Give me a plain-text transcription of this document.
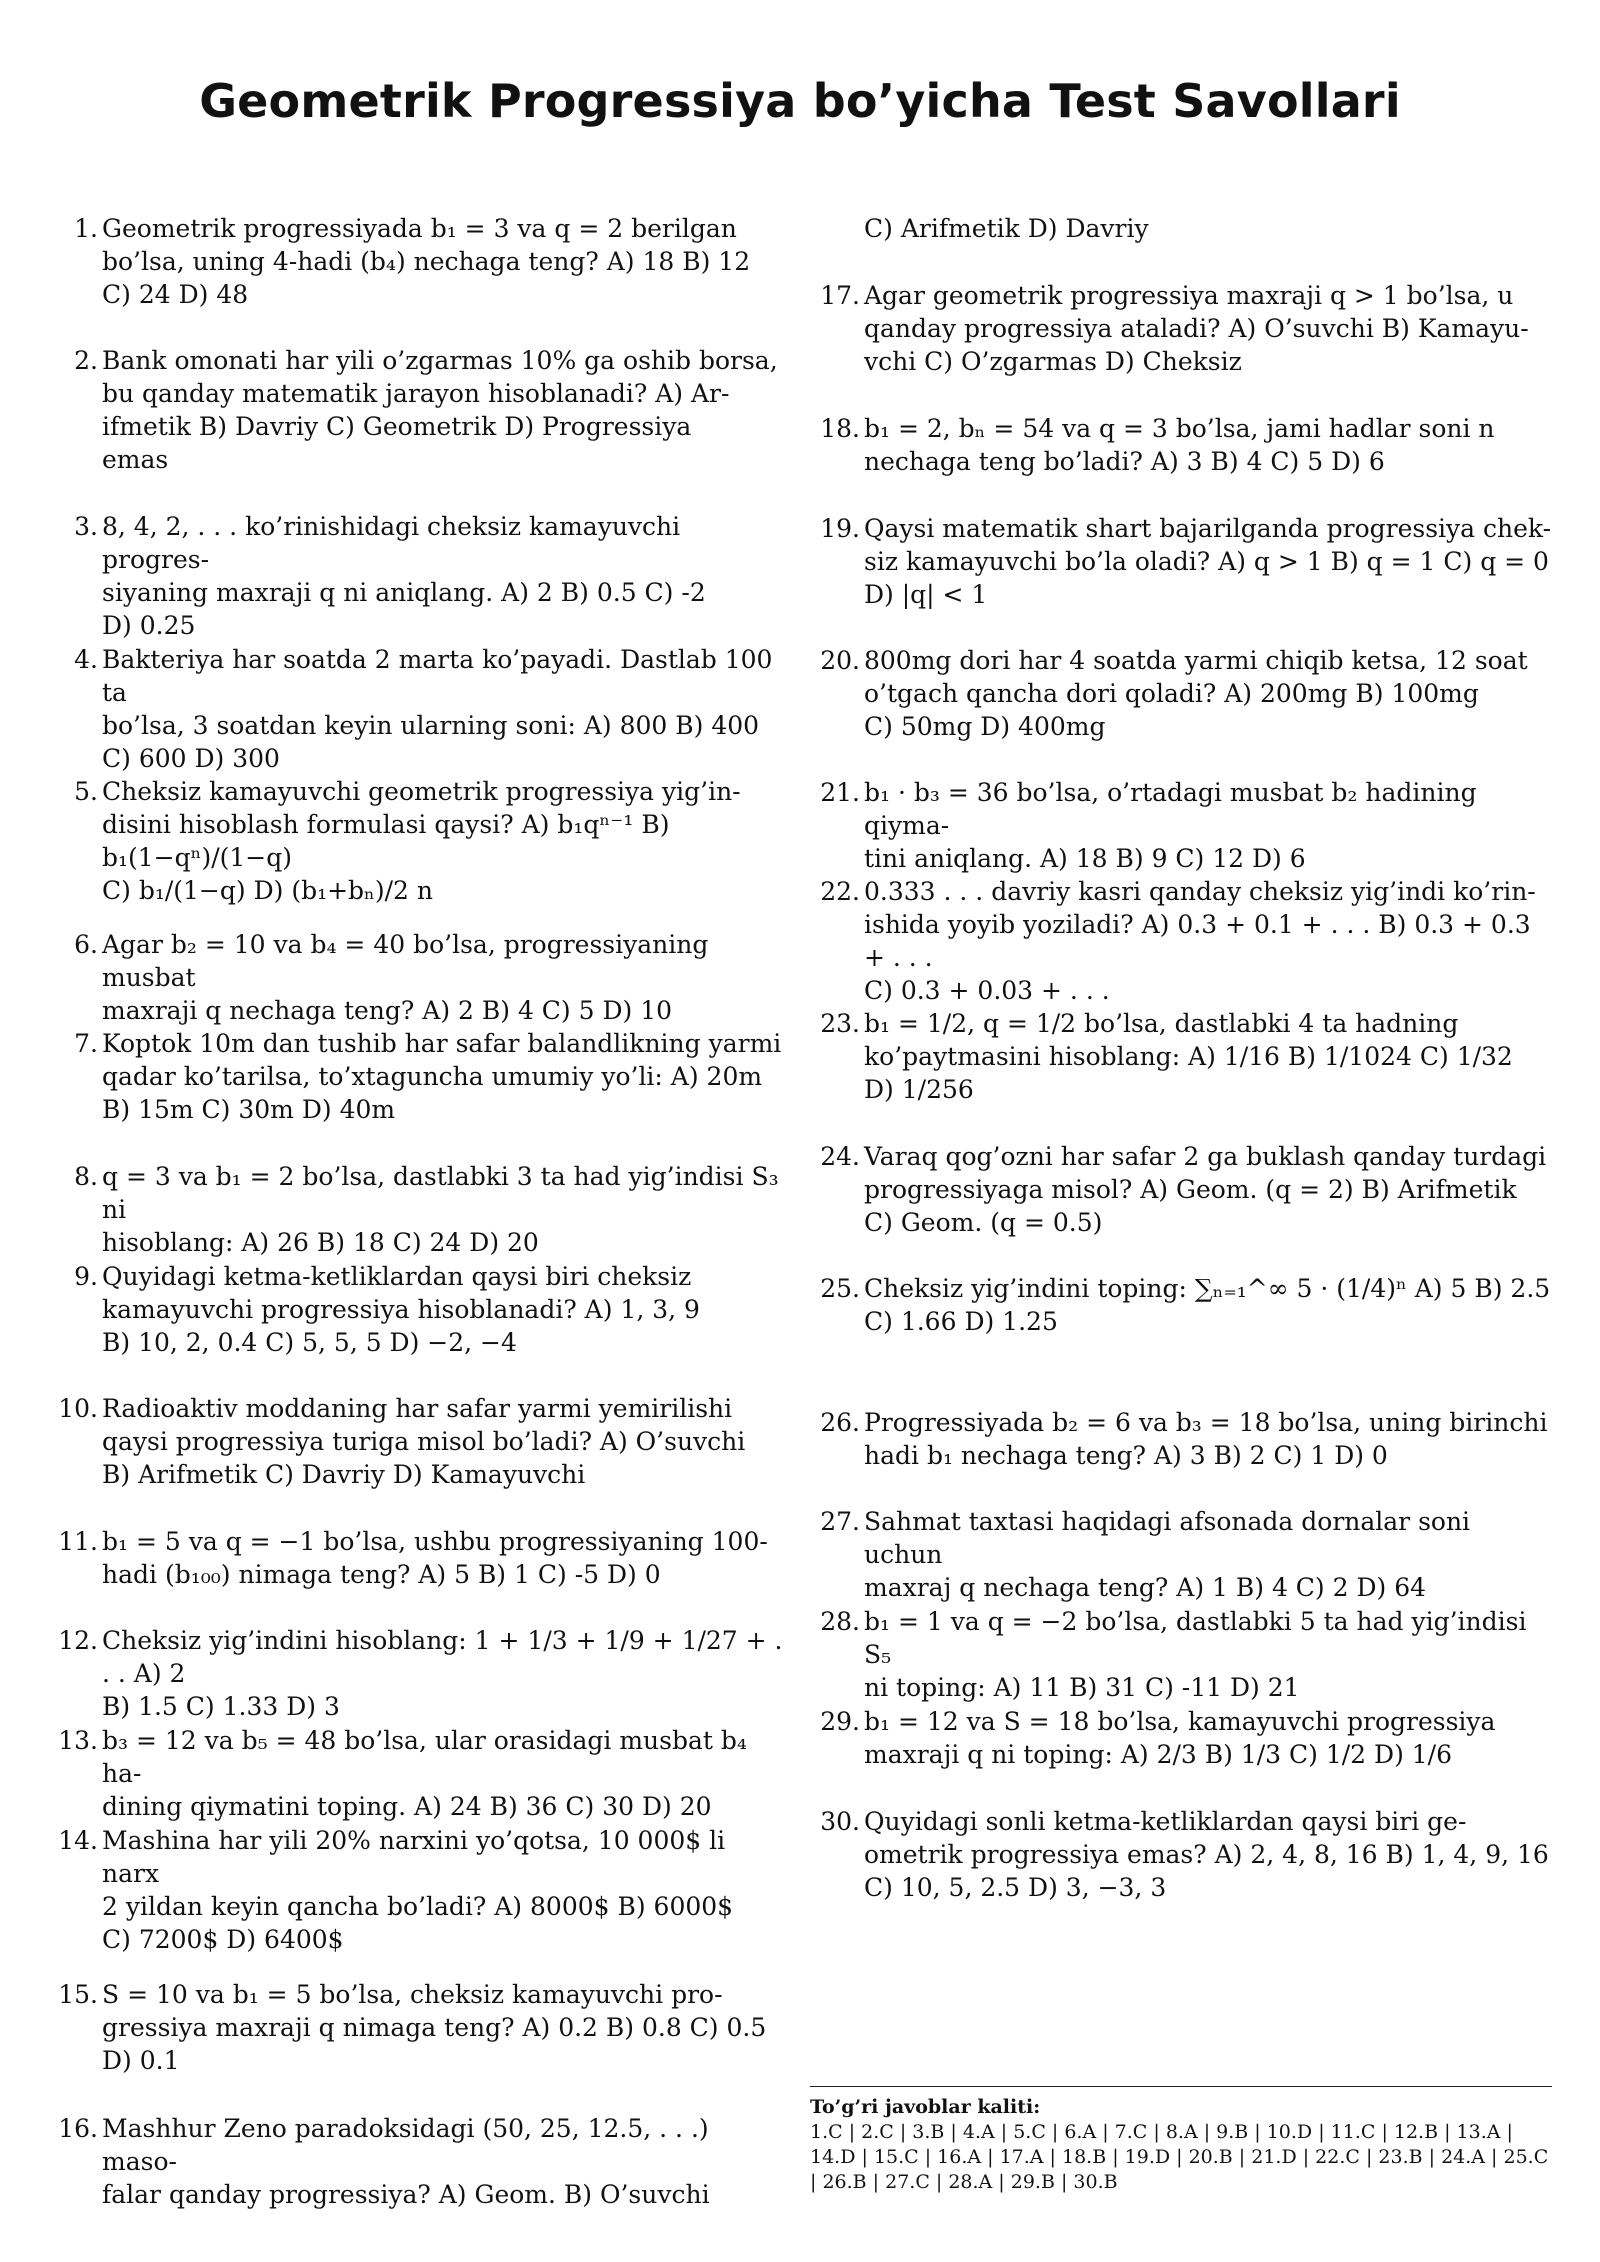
Geometrik Progressiya bo’yicha Test Savollari
1. Geometrik progressiyada b₁ = 3 va q = 2 berilgan

bo’lsa, uning 4-hadi (b₄) nechaga teng? A) 18 B) 12

C) 24 D) 48

2. Bank omonati har yili o’zgarmas 10% ga oshib borsa,

bu qanday matematik jarayon hisoblanadi? A) Ar-

ifmetik B) Davriy C) Geometrik D) Progressiya

emas

3. 8, 4, 2, . . . ko’rinishidagi cheksiz kamayuvchi progres-

siyaning maxraji q ni aniqlang. A) 2 B) 0.5 C) -2

D) 0.25

4. Bakteriya har soatda 2 marta ko’payadi. Dastlab 100 ta

bo’lsa, 3 soatdan keyin ularning soni: A) 800 B) 400

C) 600 D) 300

5. Cheksiz kamayuvchi geometrik progressiya yig’in-

disini hisoblash formulasi qaysi? A) b₁qⁿ⁻¹ B) b₁(1−qⁿ)/(1−q)

C) b₁/(1−q) D) (b₁+bₙ)/2 n

6. Agar b₂ = 10 va b₄ = 40 bo’lsa, progressiyaning musbat

maxraji q nechaga teng? A) 2 B) 4 C) 5 D) 10

7. Koptok 10m dan tushib har safar balandlikning yarmi

qadar ko’tarilsa, to’xtaguncha umumiy yo’li: A) 20m

B) 15m C) 30m D) 40m

8. q = 3 va b₁ = 2 bo’lsa, dastlabki 3 ta had yig’indisi S₃ ni

hisoblang: A) 26 B) 18 C) 24 D) 20

9. Quyidagi ketma-ketliklardan qaysi biri cheksiz

kamayuvchi progressiya hisoblanadi? A) 1, 3, 9

B) 10, 2, 0.4 C) 5, 5, 5 D) −2, −4

10. Radioaktiv moddaning har safar yarmi yemirilishi

qaysi progressiya turiga misol bo’ladi? A) O’suvchi

B) Arifmetik C) Davriy D) Kamayuvchi

11. b₁ = 5 va q = −1 bo’lsa, ushbu progressiyaning 100-

hadi (b₁₀₀) nimaga teng? A) 5 B) 1 C) -5 D) 0

12. Cheksiz yig’indini hisoblang: 1 + 1/3 + 1/9 + 1/27 + . . . A) 2

B) 1.5 C) 1.33 D) 3

13. b₃ = 12 va b₅ = 48 bo’lsa, ular orasidagi musbat b₄ ha-

dining qiymatini toping. A) 24 B) 36 C) 30 D) 20

14. Mashina har yili 20% narxini yo’qotsa, 10 000$ li narx

2 yildan keyin qancha bo’ladi? A) 8000$ B) 6000$

C) 7200$ D) 6400$

15. S = 10 va b₁ = 5 bo’lsa, cheksiz kamayuvchi pro-

gressiya maxraji q nimaga teng? A) 0.2 B) 0.8 C) 0.5

D) 0.1

16. Mashhur Zeno paradoksidagi (50, 25, 12.5, . . .) maso-

falar qanday progressiya? A) Geom. B) O’suvchi

C) Arifmetik D) Davriy

17. Agar geometrik progressiya maxraji q > 1 bo’lsa, u

qanday progressiya ataladi? A) O’suvchi B) Kamayu-

vchi C) O’zgarmas D) Cheksiz

18. b₁ = 2, bₙ = 54 va q = 3 bo’lsa, jami hadlar soni n

nechaga teng bo’ladi? A) 3 B) 4 C) 5 D) 6

19. Qaysi matematik shart bajarilganda progressiya chek-

siz kamayuvchi bo’la oladi? A) q > 1 B) q = 1 C) q = 0

D) |q| < 1

20. 800mg dori har 4 soatda yarmi chiqib ketsa, 12 soat

o’tgach qancha dori qoladi? A) 200mg B) 100mg

C) 50mg D) 400mg

21. b₁ · b₃ = 36 bo’lsa, o’rtadagi musbat b₂ hadining qiyma-

tini aniqlang. A) 18 B) 9 C) 12 D) 6

22. 0.333 . . . davriy kasri qanday cheksiz yig’indi ko’rin-

ishida yoyib yoziladi? A) 0.3 + 0.1 + . . . B) 0.3 + 0.3 + . . .

C) 0.3 + 0.03 + . . .

23. b₁ = 1/2, q = 1/2 bo’lsa, dastlabki 4 ta hadning

ko’paytmasini hisoblang: A) 1/16 B) 1/1024 C) 1/32

D) 1/256

24. Varaq qog’ozni har safar 2 ga buklash qanday turdagi

progressiyaga misol? A) Geom. (q = 2) B) Arifmetik

C) Geom. (q = 0.5)

25. Cheksiz yig’indini toping: ∑ₙ₌₁^∞ 5 · (1/4)ⁿ A) 5 B) 2.5

C) 1.66 D) 1.25

26. Progressiyada b₂ = 6 va b₃ = 18 bo’lsa, uning birinchi

hadi b₁ nechaga teng? A) 3 B) 2 C) 1 D) 0

27. Sahmat taxtasi haqidagi afsonada dornalar soni uchun

maxraj q nechaga teng? A) 1 B) 4 C) 2 D) 64

28. b₁ = 1 va q = −2 bo’lsa, dastlabki 5 ta had yig’indisi S₅

ni toping: A) 11 B) 31 C) -11 D) 21

29. b₁ = 12 va S = 18 bo’lsa, kamayuvchi progressiya

maxraji q ni toping: A) 2/3 B) 1/3 C) 1/2 D) 1/6

30. Quyidagi sonli ketma-ketliklardan qaysi biri ge-

ometrik progressiya emas? A) 2, 4, 8, 16 B) 1, 4, 9, 16

C) 10, 5, 2.5 D) 3, −3, 3

To’g’ri javoblar kaliti:

1.C | 2.C | 3.B | 4.A | 5.C | 6.A | 7.C | 8.A | 9.B | 10.D | 11.C | 12.B | 13.A | 14.D | 15.C | 16.A | 17.A | 18.B | 19.D | 20.B | 21.D | 22.C | 23.B | 24.A | 25.C | 26.B | 27.C | 28.A | 29.B | 30.B
